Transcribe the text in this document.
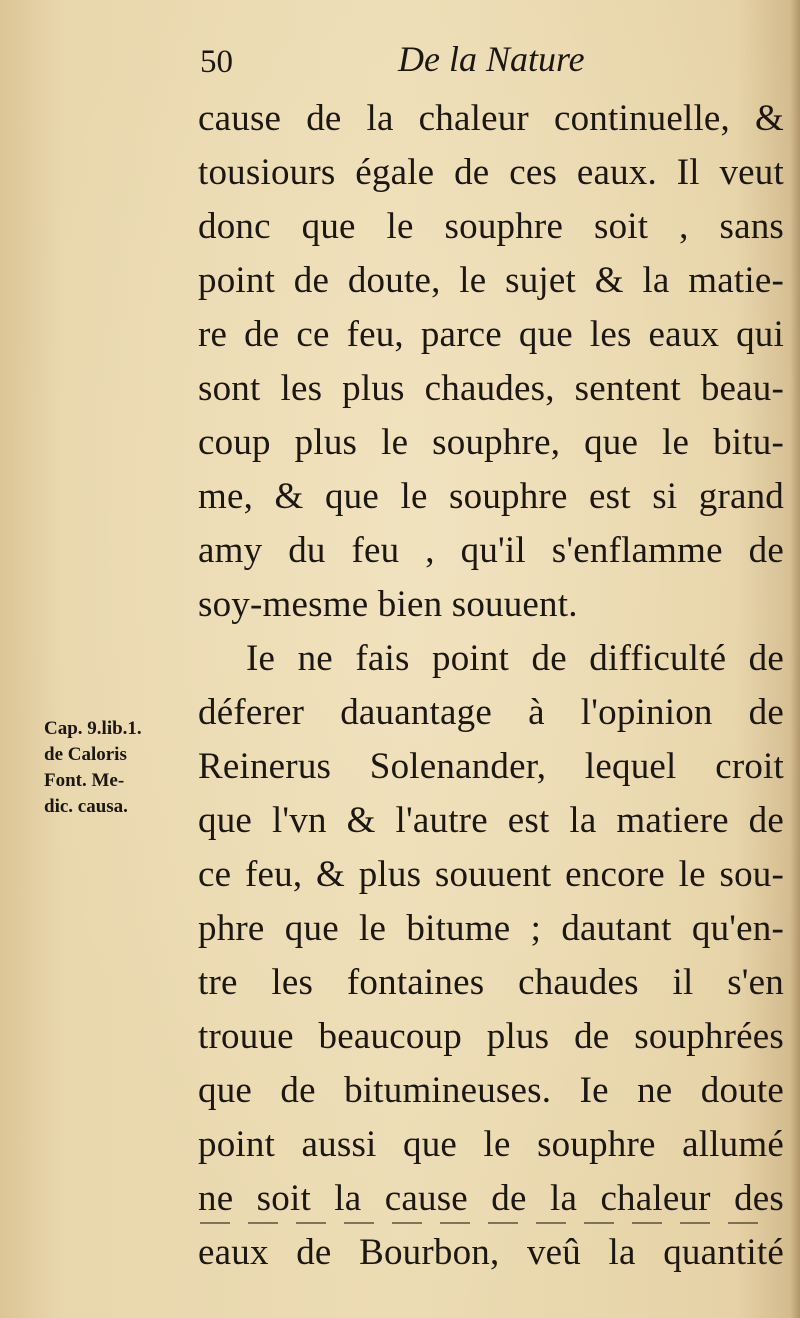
50	De la Nature
Cap. 9.lib.1.
de Caloris
Font. Me-
dic. causa.
cause de la chaleur continuelle, &
tousiours égale de ces eaux. Il veut
donc que le souphre soit , sans
point de doute, le sujet & la matie-
re de ce feu, parce que les eaux qui
sont les plus chaudes, sentent beau-
coup plus le souphre, que le bitu-
me, & que le souphre est si grand
amy du feu , qu'il s'enflamme de
soy-mesme bien souuent.
Ie ne fais point de difficulté de
déferer dauantage à l'opinion de
Reinerus Solenander, lequel croit
que l'vn & l'autre est la matiere de
ce feu, & plus souuent encore le sou-
phre que le bitume ; dautant qu'en-
tre les fontaines chaudes il s'en
trouue beaucoup plus de souphrées
que de bitumineuses. Ie ne doute
point aussi que le souphre allumé
ne soit la cause de la chaleur des
eaux de Bourbon, veû la quantité
